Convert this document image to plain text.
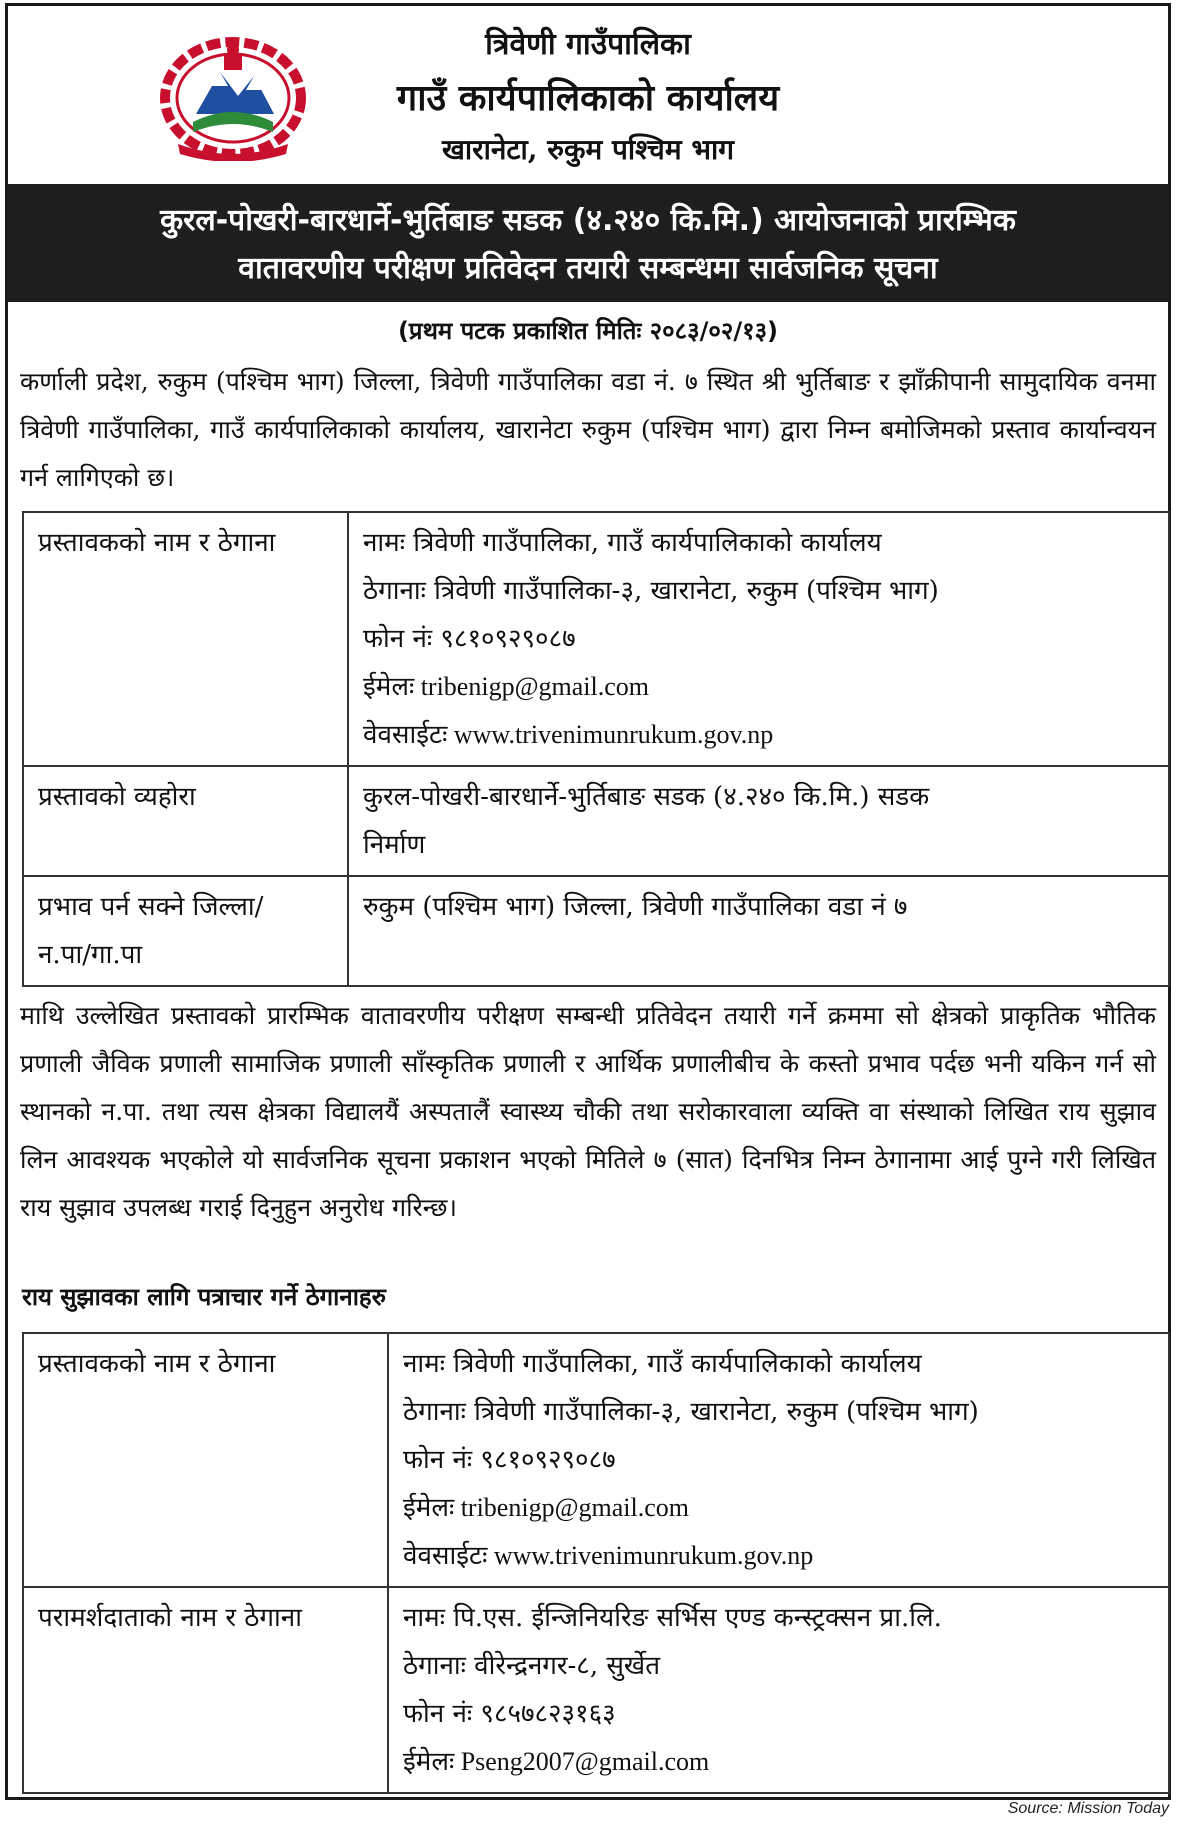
त्रिवेणी गाउँपालिका
गाउँ कार्यपालिकाको कार्यालय
खारानेटा, रुकुम पश्चिम भाग
कुरल-पोखरी-बारधार्ने-भुर्तिबाङ सडक (४.२४० कि.मि.) आयोजनाको प्रारम्भिक
वातावरणीय परीक्षण प्रतिवेदन तयारी सम्बन्धमा सार्वजनिक सूचना
(प्रथम पटक प्रकाशित मितिः २०८३/०२/१३)

कर्णाली प्रदेश, रुकुम (पश्चिम भाग) जिल्ला, त्रिवेणी गाउँपालिका वडा नं. ७ स्थित श्री भुर्तिबाङ र झाँक्रीपानी सामुदायिक वनमा त्रिवेणी गाउँपालिका, गाउँ कार्यपालिकाको कार्यालय, खारानेटा रुकुम (पश्चिम भाग) द्वारा निम्न बमोजिमको प्रस्ताव कार्यान्वयन गर्न लागिएको छ।

प्रस्तावकको नाम र ठेगाना	नामः त्रिवेणी गाउँपालिका, गाउँ कार्यपालिकाको कार्यालय
ठेगानाः त्रिवेणी गाउँपालिका-३, खारानेटा, रुकुम (पश्चिम भाग)
फोन नंः ९८१०९२९०८७
ईमेलः tribenigp@gmail.com
वेवसाईटः www.trivenimunrukum.gov.np

प्रस्तावको व्यहोरा	कुरल-पोखरी-बारधार्ने-भुर्तिबाङ सडक (४.२४० कि.मि.) सडक
निर्माण

प्रभाव पर्न सक्ने जिल्ला/
न.पा/गा.पा	रुकुम (पश्चिम भाग) जिल्ला, त्रिवेणी गाउँपालिका वडा नं ७

माथि उल्लेखित प्रस्तावको प्रारम्भिक वातावरणीय परीक्षण सम्बन्धी प्रतिवेदन तयारी गर्ने क्रममा सो क्षेत्रको प्राकृतिक भौतिक प्रणाली जैविक प्रणाली सामाजिक प्रणाली साँस्कृतिक प्रणाली र आर्थिक प्रणालीबीच के कस्तो प्रभाव पर्दछ भनी यकिन गर्न सो स्थानको न.पा. तथा त्यस क्षेत्रका विद्यालयैं अस्पतालैं स्वास्थ्य चौकी तथा सरोकारवाला व्यक्ति वा संस्थाको लिखित राय सुझाव लिन आवश्यक भएकोले यो सार्वजनिक सूचना प्रकाशन भएको मितिले ७ (सात) दिनभित्र निम्न ठेगानामा आई पुग्ने गरी लिखित राय सुझाव उपलब्ध गराई दिनुहुन अनुरोध गरिन्छ।

राय सुझावका लागि पत्राचार गर्ने ठेगानाहरु
प्रस्तावकको नाम र ठेगाना	नामः त्रिवेणी गाउँपालिका, गाउँ कार्यपालिकाको कार्यालय
ठेगानाः त्रिवेणी गाउँपालिका-३, खारानेटा, रुकुम (पश्चिम भाग)
फोन नंः ९८१०९२९०८७
ईमेलः tribenigp@gmail.com
वेवसाईटः www.trivenimunrukum.gov.np

परामर्शदाताको नाम र ठेगाना	नामः पि.एस. ईन्जिनियरिङ सर्भिस एण्ड कन्स्ट्रक्सन प्रा.लि.
ठेगानाः वीरेन्द्रनगर-८, सुर्खेत
फोन नंः ९८५७८२३१६३
ईमेलः Pseng2007@gmail.com
Source: Mission Today
